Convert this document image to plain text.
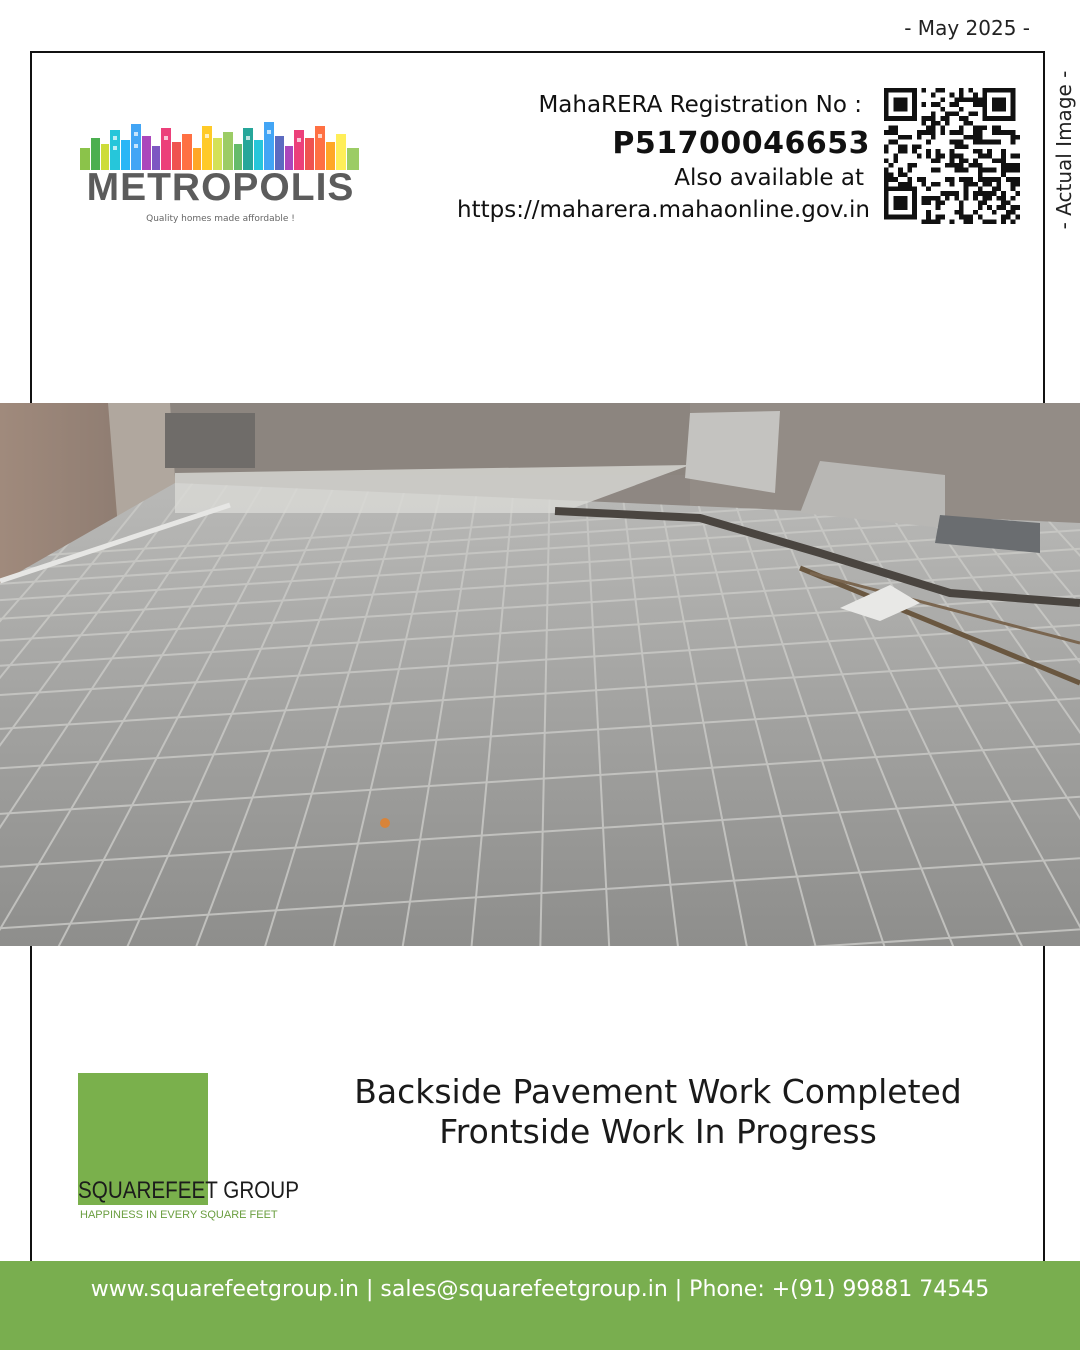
- May 2025 -
- Actual Image -
METROPOLIS
Quality homes made affordable !
MahaRERA Registration No :
P51700046653
Also available at
https://maharera.mahaonline.gov.in
SQUAREFEET GROUP
HAPPINESS IN EVERY SQUARE FEET
Backside Pavement Work Completed
Frontside Work In Progress
www.squarefeetgroup.in | sales@squarefeetgroup.in | Phone: +(91) 99881 74545
